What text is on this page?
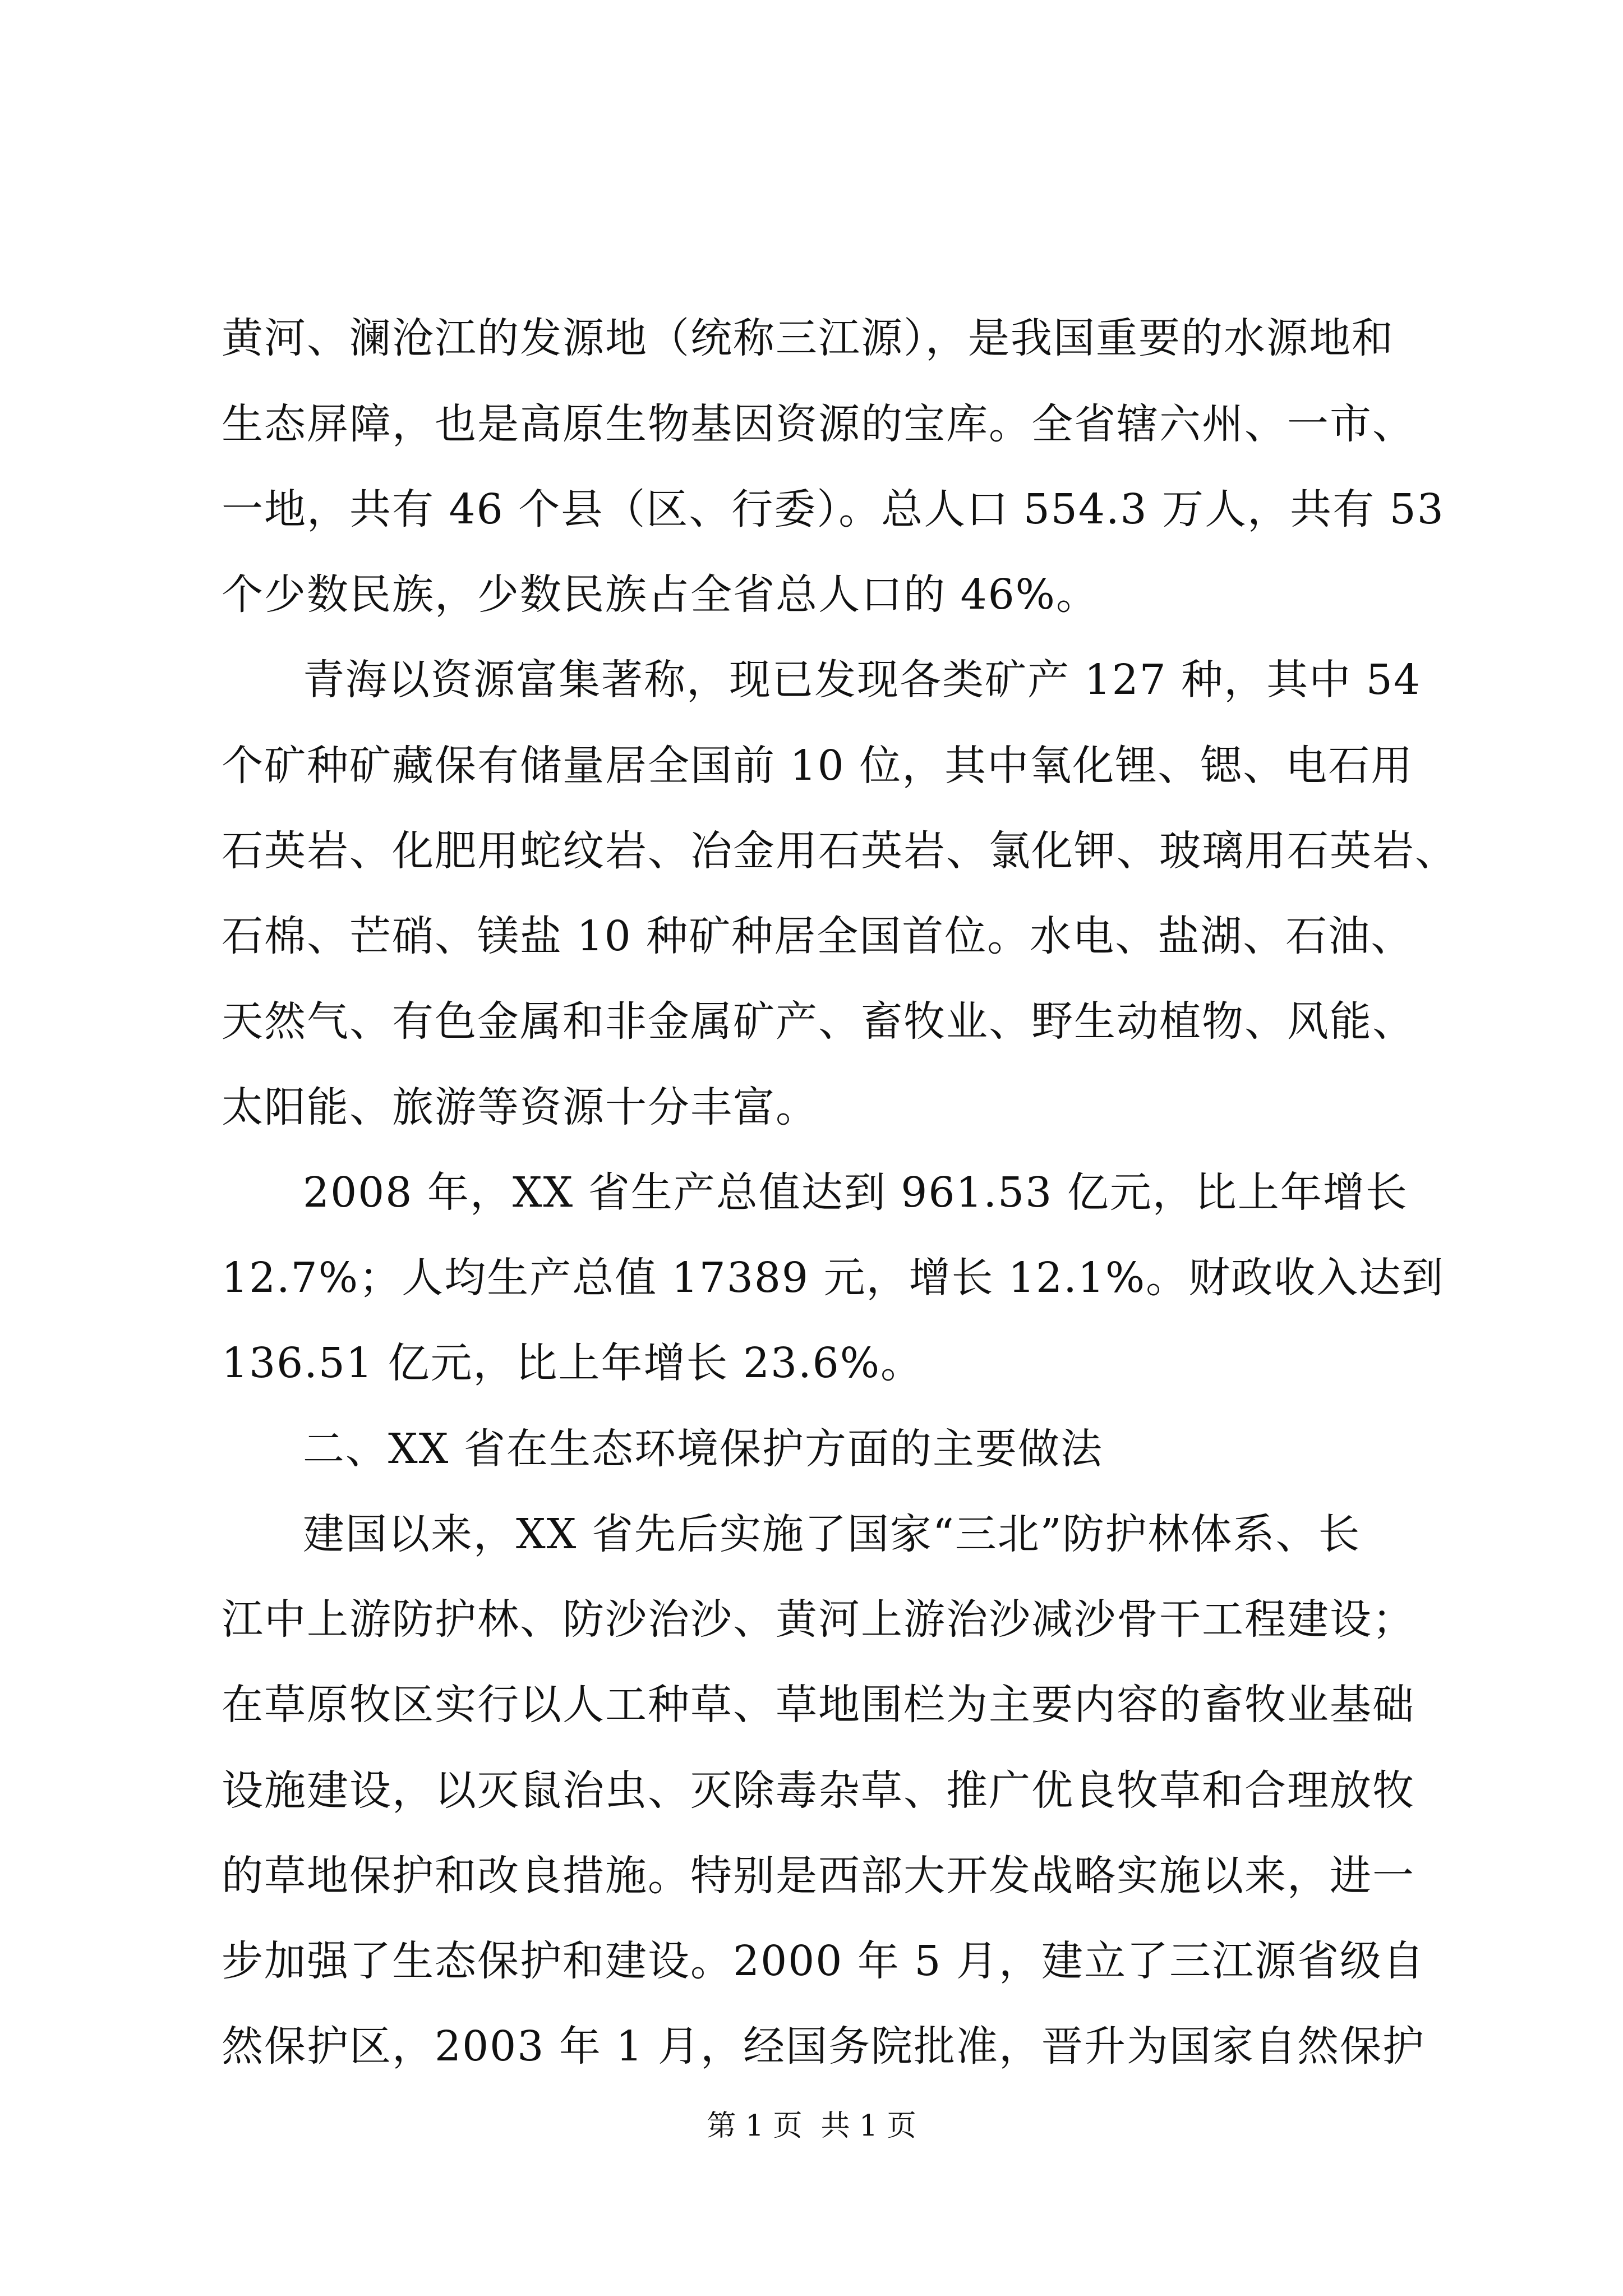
黄河、澜沧江的发源地（统称三江源），是我国重要的水源地和
生态屏障，也是高原生物基因资源的宝库。全省辖六州、一市、
一地，共有 46 个县（区、行委）。总人口 554.3 万人，共有 53
个少数民族，少数民族占全省总人口的 46%。
青海以资源富集著称，现已发现各类矿产 127 种，其中 54
个矿种矿藏保有储量居全国前 10 位，其中氧化锂、锶、电石用
石英岩、化肥用蛇纹岩、冶金用石英岩、氯化钾、玻璃用石英岩、
石棉、芒硝、镁盐 10 种矿种居全国首位。水电、盐湖、石油、
天然气、有色金属和非金属矿产、畜牧业、野生动植物、风能、
太阳能、旅游等资源十分丰富。
2008 年，XX 省生产总值达到 961.53 亿元，比上年增长
12.7%；人均生产总值 17389 元，增长 12.1%。财政收入达到
136.51 亿元，比上年增长 23.6%。
二、XX 省在生态环境保护方面的主要做法
建国以来，XX 省先后实施了国家“三北”防护林体系、长
江中上游防护林、防沙治沙、黄河上游治沙减沙骨干工程建设；
在草原牧区实行以人工种草、草地围栏为主要内容的畜牧业基础
设施建设，以灭鼠治虫、灭除毒杂草、推广优良牧草和合理放牧
的草地保护和改良措施。特别是西部大开发战略实施以来，进一
步加强了生态保护和建设。2000 年 5 月，建立了三江源省级自
然保护区，2003 年 1 月，经国务院批准，晋升为国家自然保护
第 1 页  共 1 页
